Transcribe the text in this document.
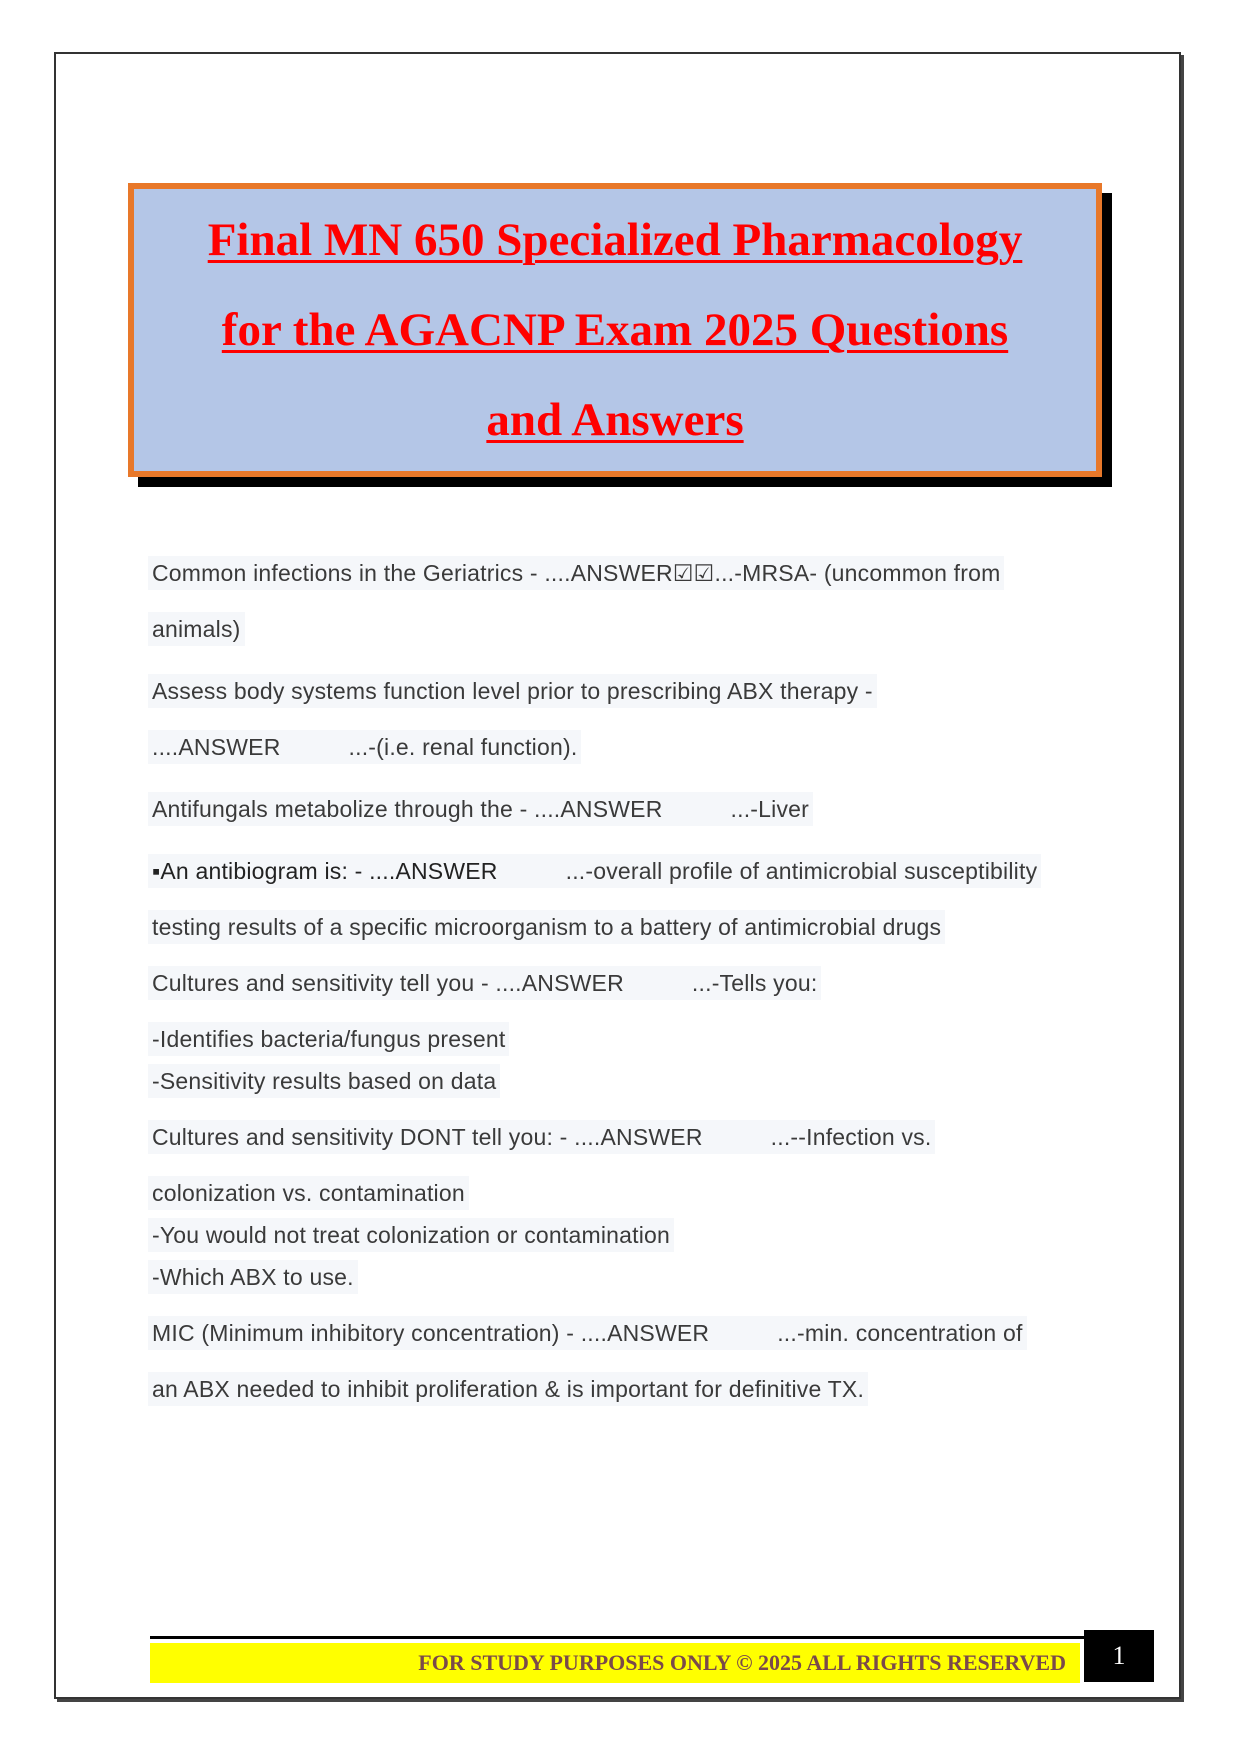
Final MN 650 Specialized Pharmacology
for the AGACNP Exam 2025 Questions
and Answers
Common infections in the Geriatrics - ....ANSWER☑☑...-MRSA- (uncommon from
animals)
Assess body systems function level prior to prescribing ABX therapy -
....ANSWER	...-(i.e. renal function).
Antifungals metabolize through the - ....ANSWER	...-Liver
▪An antibiogram is: - ....ANSWER	...-overall profile of antimicrobial susceptibility
testing results of a specific microorganism to a battery of antimicrobial drugs
Cultures and sensitivity tell you - ....ANSWER	...-Tells you:
-Identifies bacteria/fungus present
-Sensitivity results based on data
Cultures and sensitivity DONT tell you: - ....ANSWER	...--Infection vs.
colonization vs. contamination
-You would not treat colonization or contamination
-Which ABX to use.
MIC (Minimum inhibitory concentration) - ....ANSWER	...-min. concentration of
an ABX needed to inhibit proliferation & is important for definitive TX.
FOR STUDY PURPOSES ONLY © 2025 ALL RIGHTS RESERVED	1
